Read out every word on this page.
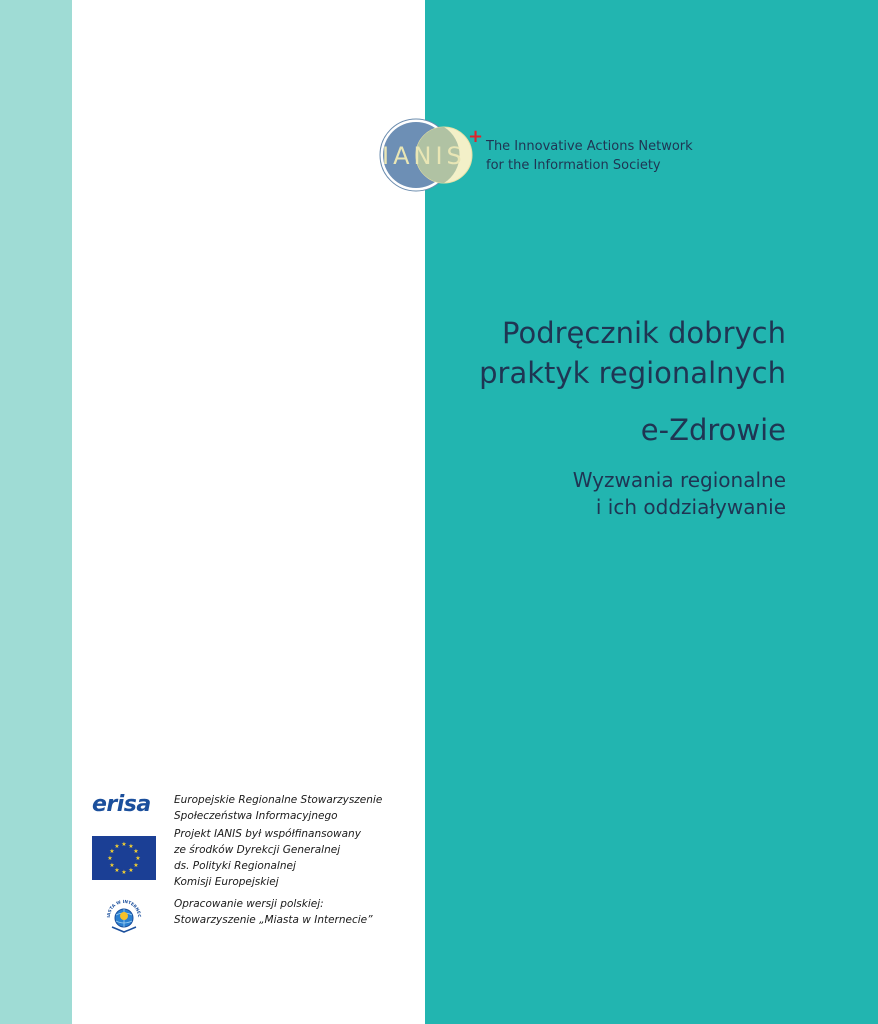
IANIS
+ The Innovative Actions Network
for the Information Society
Podręcznik dobrych
praktyk regionalnych
e-Zdrowie
Wyzwania regionalne
i ich oddziaływanie
erisa	Europejskie Regionalne Stowarzyszenie
Społeczeństwa Informacyjnego
★ ★
★
★
★
★
★
★
★
★
★
★
Projekt IANIS był współfinansowany
ze środków Dyrekcji Generalnej
ds. Polityki Regionalnej
Komisji Europejskiej
IASTA W INTERNEC
Opracowanie wersji polskiej:
Stowarzyszenie „Miasta w Internecie”
